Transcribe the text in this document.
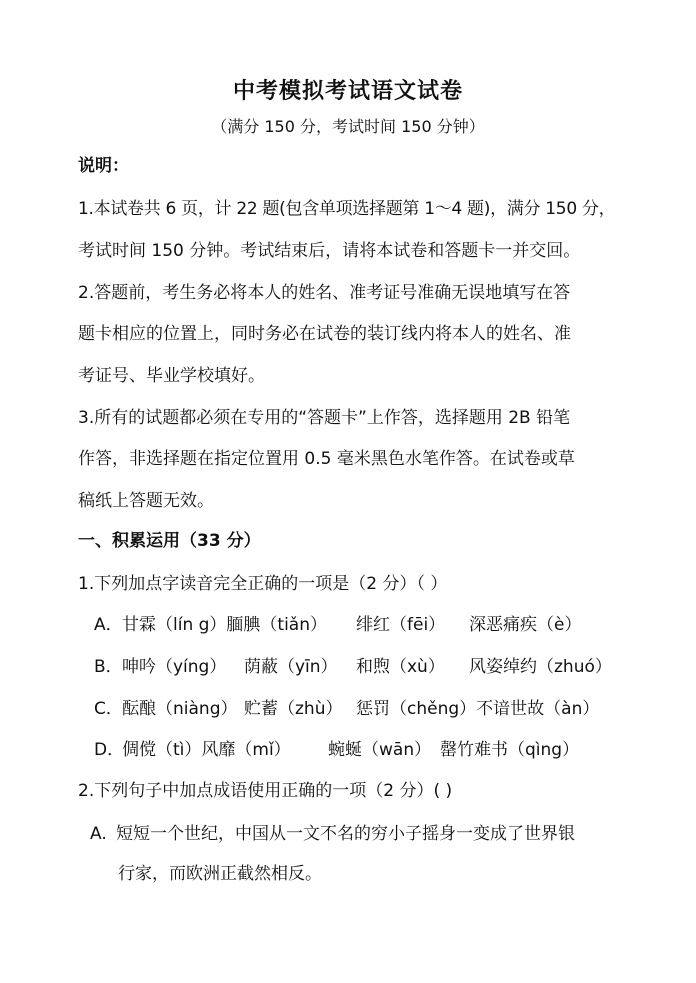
中考模拟考试语文试卷
（满分 150 分，考试时间 150 分钟）
说明：
1.本试卷共 6 页，计 22 题(包含单项选择题第 1～4 题)，满分 150 分，
考试时间 150 分钟。考试结束后，请将本试卷和答题卡一并交回。
2.答题前，考生务必将本人的姓名、准考证号准确无误地填写在答
题卡相应的位置上，同时务必在试卷的装订线内将本人的姓名、准
考证号、毕业学校填好。
3.所有的试题都必须在专用的“答题卡”上作答，选择题用 2B 铅笔
作答，非选择题在指定位置用 0.5 毫米黑色水笔作答。在试卷或草
稿纸上答题无效。
一、积累运用（33 分）
1.下列加点字读音完全正确的一项是（2 分）（ ）
A． 甘霖（lín g）腼腆（tiǎn） 绯红（fēi） 深恶痛疾（è）
B． 呻吟（yíng） 荫蔽（yīn） 和煦（xù） 风姿绰约（zhuó）
C． 酝酿（niàng） 贮蓄（zhù） 惩罚（chěng）不谙世故（àn）
D．
倜傥（tì）风靡（mǐ） 蜿蜒（wān） 罄竹难书（qìng）
2.下列句子中加点成语使用正确的一项（2 分）( )
A. 短短一个世纪，中国从一文不名的穷小子摇身一变成了世界银
行家，而欧洲正截然相反。
